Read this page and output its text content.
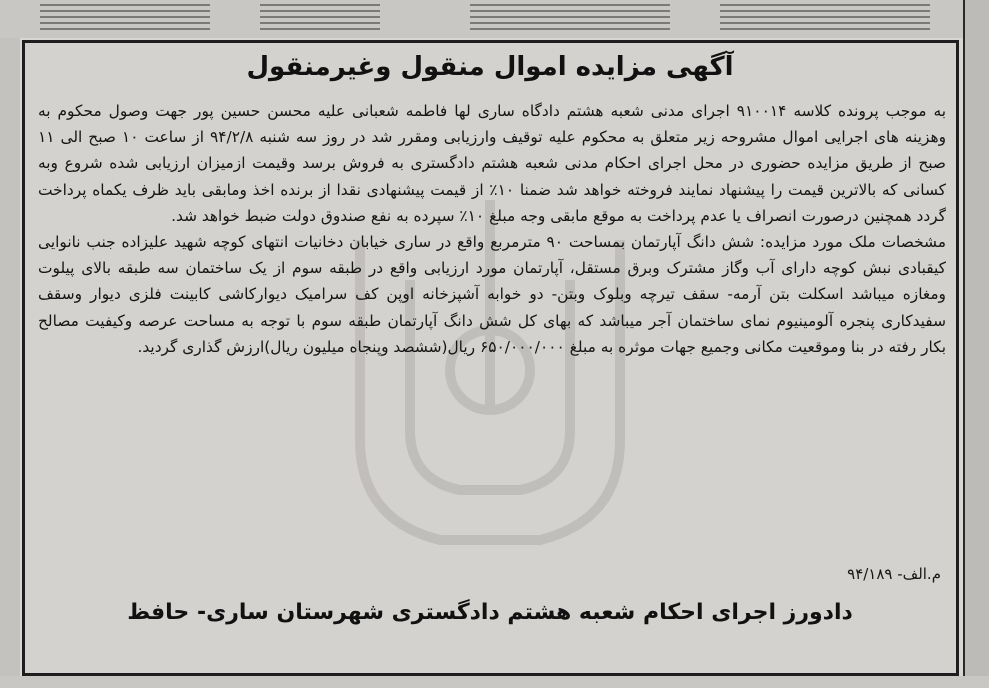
آگهی مزایده اموال منقول وغیرمنقول

به موجب پرونده کلاسه ۹۱۰۰۱۴ اجرای مدنی شعبه هشتم دادگاه ساری لها فاطمه شعبانی علیه محسن حسین پور جهت وصول محکوم به وهزینه های اجرایی اموال مشروحه زیر متعلق به محکوم علیه توقیف وارزیابی ومقرر شد در روز سه شنبه ۹۴/۲/۸ از ساعت ۱۰ صبح الی ۱۱ صبح از طریق مزایده حضوری در محل اجرای احکام مدنی شعبه هشتم دادگستری به فروش برسد وقیمت ازمیزان ارزیابی شده شروع وبه کسانی که بالاترین قیمت را پیشنهاد نمایند فروخته خواهد شد ضمنا ۱۰٪ از قیمت پیشنهادی نقدا از برنده اخذ ومابقی باید ظرف یکماه پرداخت گردد همچنین درصورت انصراف یا عدم پرداخت به موقع مابقی وجه مبلغ ۱۰٪ سپرده به نفع صندوق دولت ضبط خواهد شد.

مشخصات ملک مورد مزایده: شش دانگ آپارتمان بمساحت ۹۰ مترمربع واقع در ساری خیابان دخانیات انتهای کوچه شهید علیزاده جنب نانوایی کیقبادی نبش کوچه دارای آب وگاز مشترک وبرق مستقل، آپارتمان مورد ارزیابی واقع در طبقه سوم از یک ساختمان سه طبقه بالای پیلوت ومغازه میباشد اسکلت بتن آرمه- سقف تیرچه وبلوک وبتن- دو خوابه آشپزخانه اوپن کف سرامیک دیوارکاشی کابینت فلزی دیوار وسقف سفیدکاری پنجره آلومینیوم نمای ساختمان آجر میباشد که بهای کل شش دانگ آپارتمان طبقه سوم با توجه به مساحت عرصه وکیفیت مصالح بکار رفته در بنا وموقعیت مکانی وجمیع جهات موثره به مبلغ ۶۵۰/۰۰۰/۰۰۰ ریال(ششصد وپنجاه میلیون ریال)ارزش گذاری گردید.

م.الف- ۹۴/۱۸۹
دادورز اجرای احکام شعبه هشتم دادگستری شهرستان ساری- حافظ
